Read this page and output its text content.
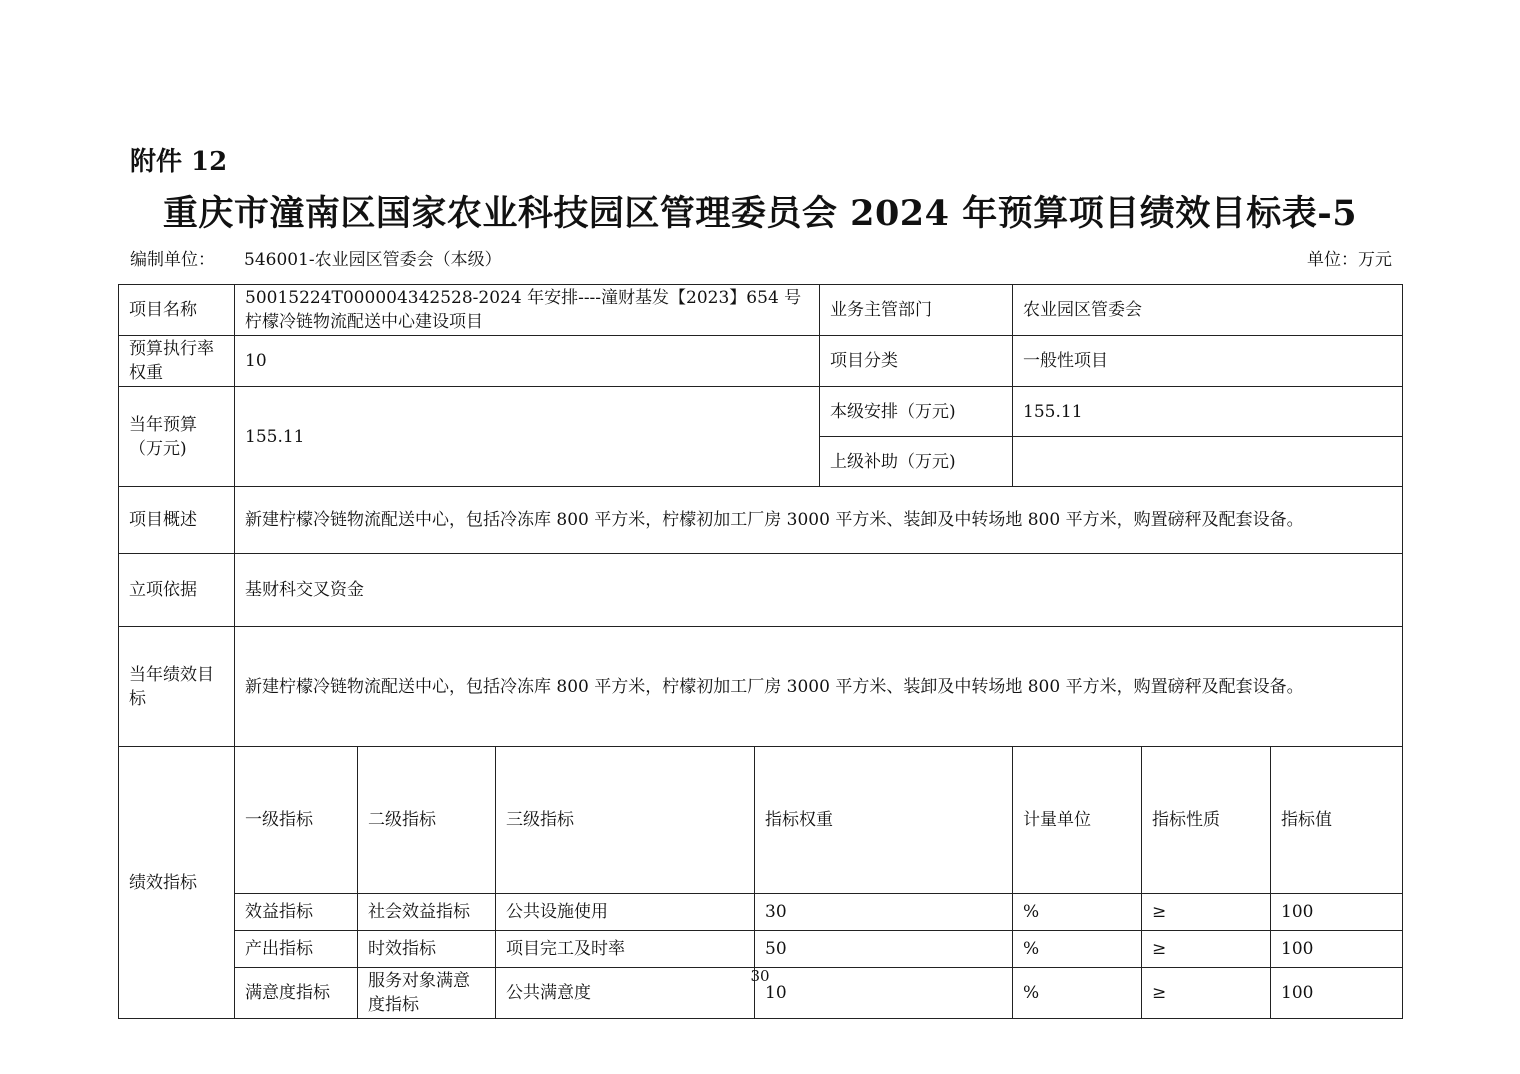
附件 12
重庆市潼南区国家农业科技园区管理委员会 2024 年预算项目绩效目标表-5
编制单位： 546001-农业园区管委会（本级）	单位：万元
项目名称	50015224T000004342528-2024 年安排----潼财基发【2023】654 号柠檬冷链物流配送中心建设项目				业务主管部门	农业园区管委会			
预算执行率权重	10				项目分类	一般性项目			
当年预算（万元)	155.11				本级安排（万元)	155.11			
					上级补助（万元)				
项目概述	新建柠檬冷链物流配送中心，包括冷冻库 800 平方米，柠檬初加工厂房 3000 平方米、装卸及中转场地 800 平方米，购置磅秤及配套设备。								
立项依据	基财科交叉资金								
当年绩效目标	新建柠檬冷链物流配送中心，包括冷冻库 800 平方米，柠檬初加工厂房 3000 平方米、装卸及中转场地 800 平方米，购置磅秤及配套设备。								
绩效指标	一级指标	二级指标	三级指标	指标权重		计量单位	指标性质	指标值	
	效益指标	社会效益指标	公共设施使用	30		%	≥	100	
	产出指标	时效指标	项目完工及时率	50		%	≥	100	
	满意度指标	服务对象满意度指标	公共满意度	10		%	≥	100	
30
